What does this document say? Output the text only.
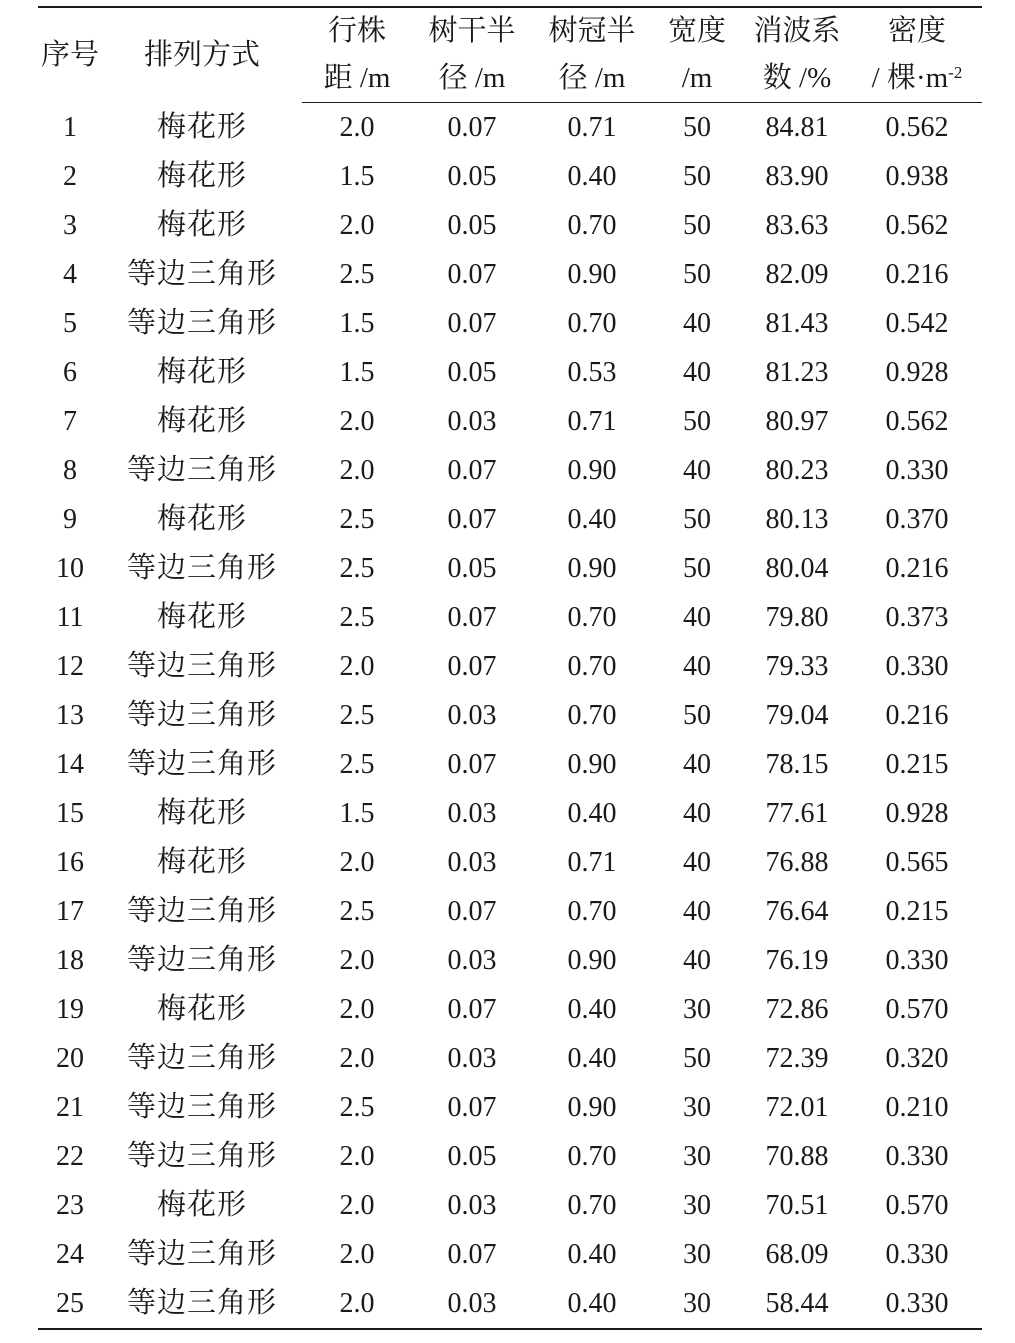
序号	排列方式	行株	树干半	树冠半	宽度	消波系	密度
		距 /m	径 /m	径 /m	/m	数 /%	/ 棵$\cdot m^{-2}$
1	梅花形	2.0	0.07	0.71	50	84.81	0.562
2	梅花形	1.5	0.05	0.40	50	83.90	0.938
3	梅花形	2.0	0.05	0.70	50	83.63	0.562
4	等边三角形	2.5	0.07	0.90	50	82.09	0.216
5	等边三角形	1.5	0.07	0.70	40	81.43	0.542
6	梅花形	1.5	0.05	0.53	40	81.23	0.928
7	梅花形	2.0	0.03	0.71	50	80.97	0.562
8	等边三角形	2.0	0.07	0.90	40	80.23	0.330
9	梅花形	2.5	0.07	0.40	50	80.13	0.370
10	等边三角形	2.5	0.05	0.90	50	80.04	0.216
11	梅花形	2.5	0.07	0.70	40	79.80	0.373
12	等边三角形	2.0	0.07	0.70	40	79.33	0.330
13	等边三角形	2.5	0.03	0.70	50	79.04	0.216
14	等边三角形	2.5	0.07	0.90	40	78.15	0.215
15	梅花形	1.5	0.03	0.40	40	77.61	0.928
16	梅花形	2.0	0.03	0.71	40	76.88	0.565
17	等边三角形	2.5	0.07	0.70	40	76.64	0.215
18	等边三角形	2.0	0.03	0.90	40	76.19	0.330
19	梅花形	2.0	0.07	0.40	30	72.86	0.570
20	等边三角形	2.0	0.03	0.40	50	72.39	0.320
21	等边三角形	2.5	0.07	0.90	30	72.01	0.210
22	等边三角形	2.0	0.05	0.70	30	70.88	0.330
23	梅花形	2.0	0.03	0.70	30	70.51	0.570
24	等边三角形	2.0	0.07	0.40	30	68.09	0.330
25	等边三角形	2.0	0.03	0.40	30	58.44	0.330
